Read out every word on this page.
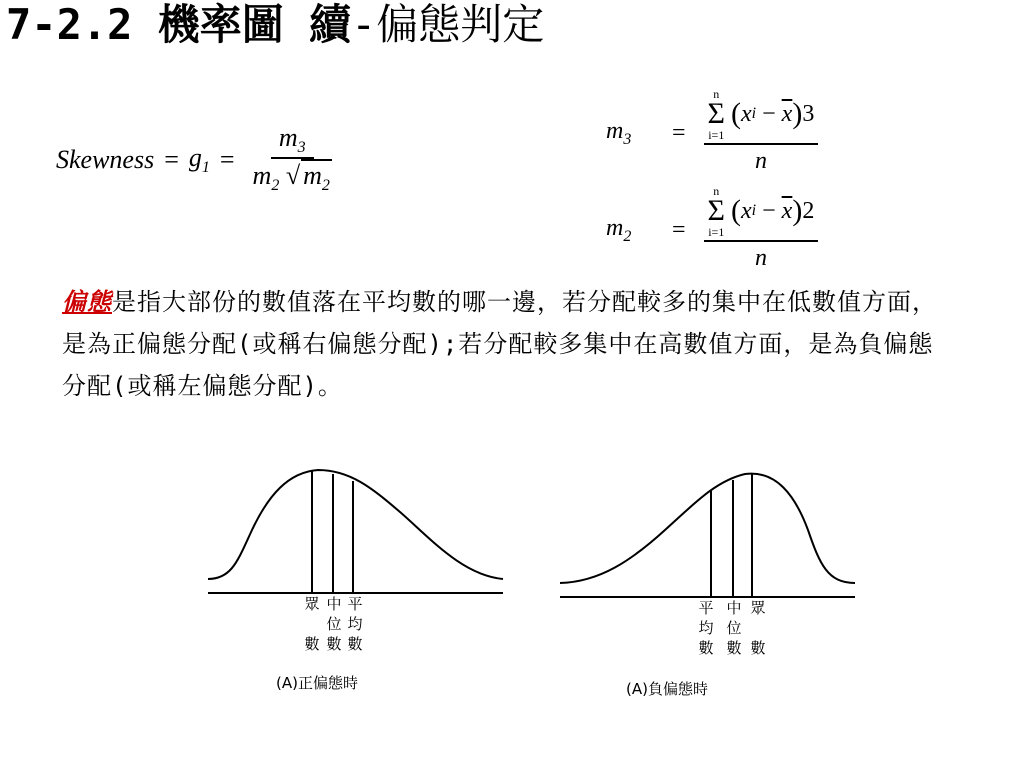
7-2.2 機率圖 續-偏態判定
Skewness = $g_1 = \frac{m_3}{m_2 √ m_2}$	$m_3$	=
n
Σ
i=1
( x $i - \overline{x}$ ) 3
n
$m_2$	=
n
Σ
i=1
( x $i - \overline{x}$ ) 2
n
偏態是指大部份的數值落在平均數的哪一邊，若分配較多的集中在低數值方面，是為正偏態分配(或稱右偏態分配);若分配較多集中在高數值方面，是為負偏態分配(或稱左偏態分配)。
眾

數
中
位
數
平
均
數
平
均
數
中
位
數
眾

數
(A)正偏態時	(A)負偏態時
